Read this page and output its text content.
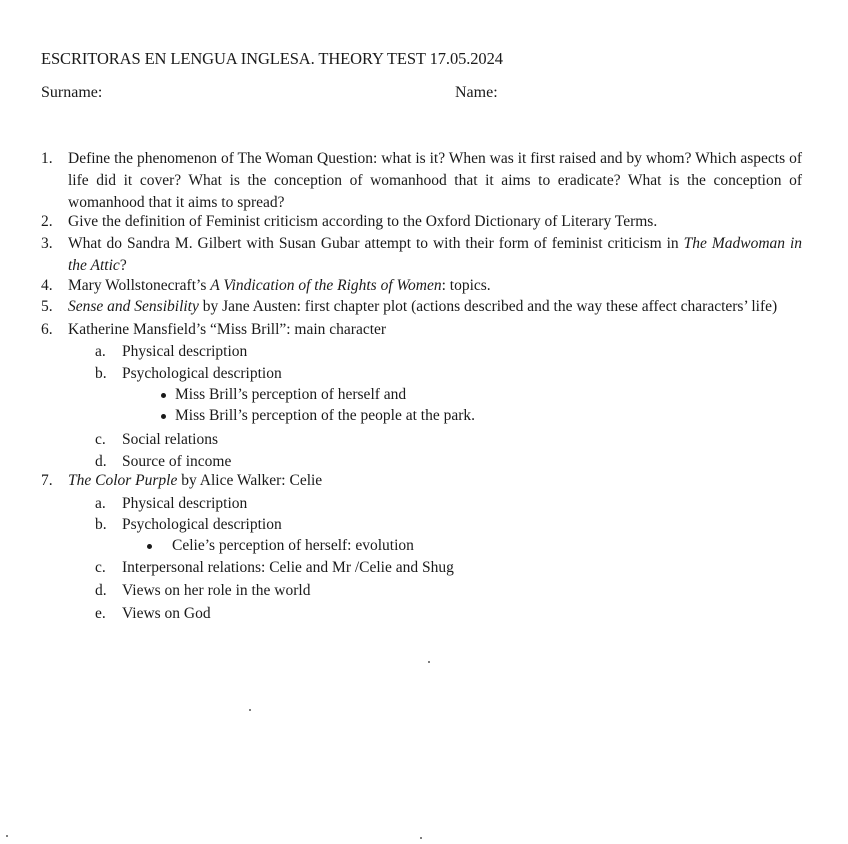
ESCRITORAS EN LENGUA INGLESA. THEORY TEST 17.05.2024
Surname:	Name:
1. Define the phenomenon of The Woman Question: what is it? When was it first raised and by whom? Which aspects of life did it cover? What is the conception of womanhood that it aims to eradicate? What is the conception of womanhood that it aims to spread?
2. Give the definition of Feminist criticism according to the Oxford Dictionary of Literary Terms.
3. What do Sandra M. Gilbert with Susan Gubar attempt to with their form of feminist criticism in The Madwoman in the Attic?
4. Mary Wollstonecraft’s A Vindication of the Rights of Women: topics.
5. Sense and Sensibility by Jane Austen: first chapter plot (actions described and the way these affect characters’ life)
6. Katherine Mansfield’s “Miss Brill”: main character
a. Physical description
b. Psychological description
Miss Brill’s perception of herself and
Miss Brill’s perception of the people at the park.
c. Social relations
d. Source of income
7. The Color Purple by Alice Walker: Celie
a. Physical description
b. Psychological description
Celie’s perception of herself: evolution
c. Interpersonal relations: Celie and Mr /Celie and Shug
d. Views on her role in the world
e. Views on God
